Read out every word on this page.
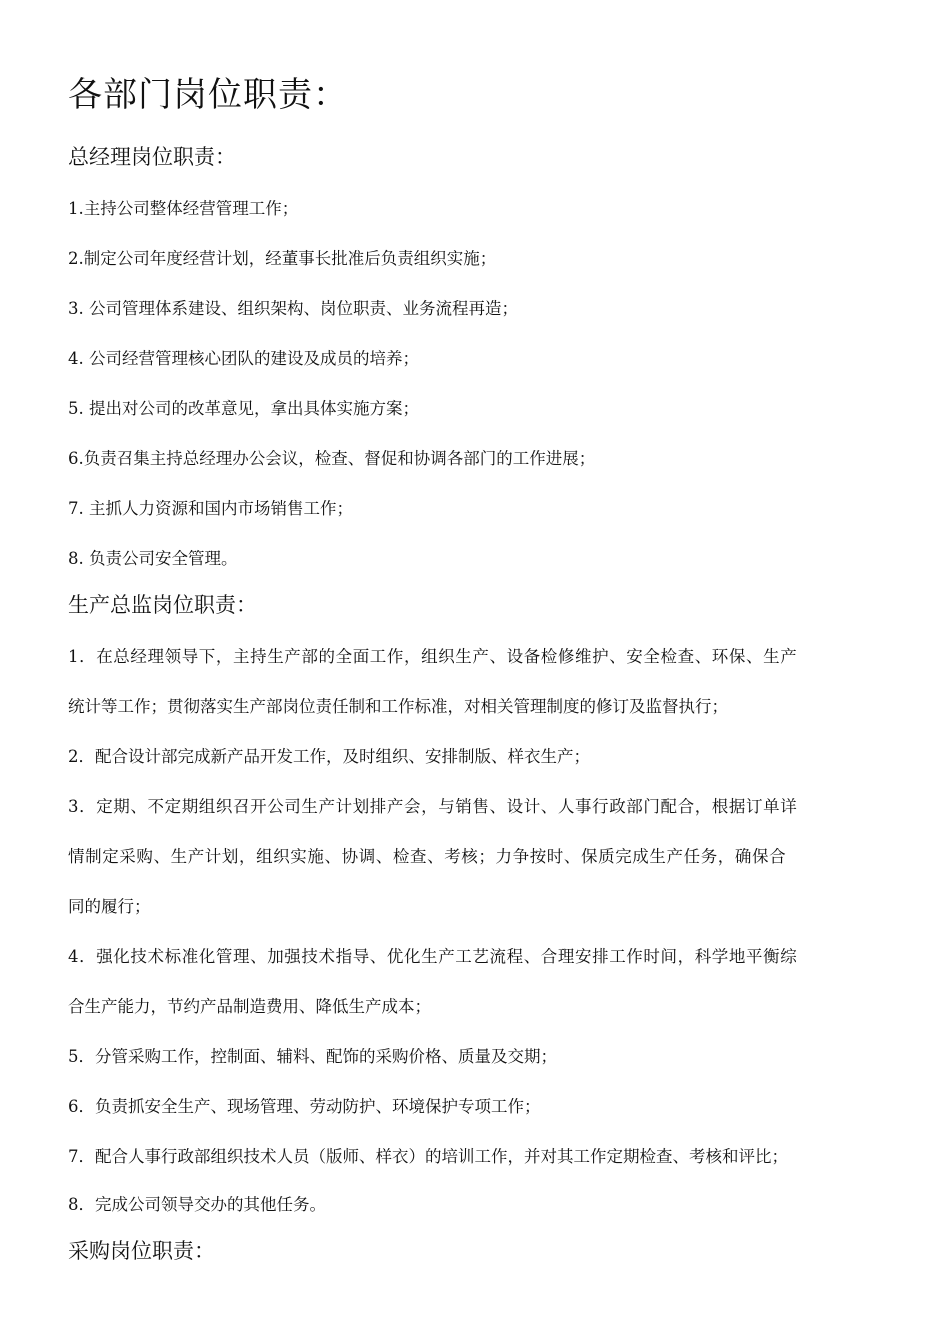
各部门岗位职责：
总经理岗位职责：
1.主持公司整体经营管理工作；
2.制定公司年度经营计划，经董事长批准后负责组织实施；
3. 公司管理体系建设、组织架构、岗位职责、业务流程再造；
4. 公司经营管理核心团队的建设及成员的培养；
5. 提出对公司的改革意见，拿出具体实施方案；
6.负责召集主持总经理办公会议，检查、督促和协调各部门的工作进展；
7. 主抓人力资源和国内市场销售工作；
8. 负责公司安全管理。
生产总监岗位职责：
1．在总经理领导下，主持生产部的全面工作，组织生产、设备检修维护、安全检查、环保、生产
统计等工作；贯彻落实生产部岗位责任制和工作标准，对相关管理制度的修订及监督执行；
2．配合设计部完成新产品开发工作，及时组织、安排制版、样衣生产；
3．定期、不定期组织召开公司生产计划排产会，与销售、设计、人事行政部门配合，根据订单详
情制定采购、生产计划，组织实施、协调、检查、考核；力争按时、保质完成生产任务，确保合
同的履行；
4．强化技术标准化管理、加强技术指导、优化生产工艺流程、合理安排工作时间，科学地平衡综
合生产能力，节约产品制造费用、降低生产成本；
5．分管采购工作，控制面、辅料、配饰的采购价格、质量及交期；
6．负责抓安全生产、现场管理、劳动防护、环境保护专项工作；
7．配合人事行政部组织技术人员（版师、样衣）的培训工作，并对其工作定期检查、考核和评比；
8．完成公司领导交办的其他任务。
采购岗位职责：
